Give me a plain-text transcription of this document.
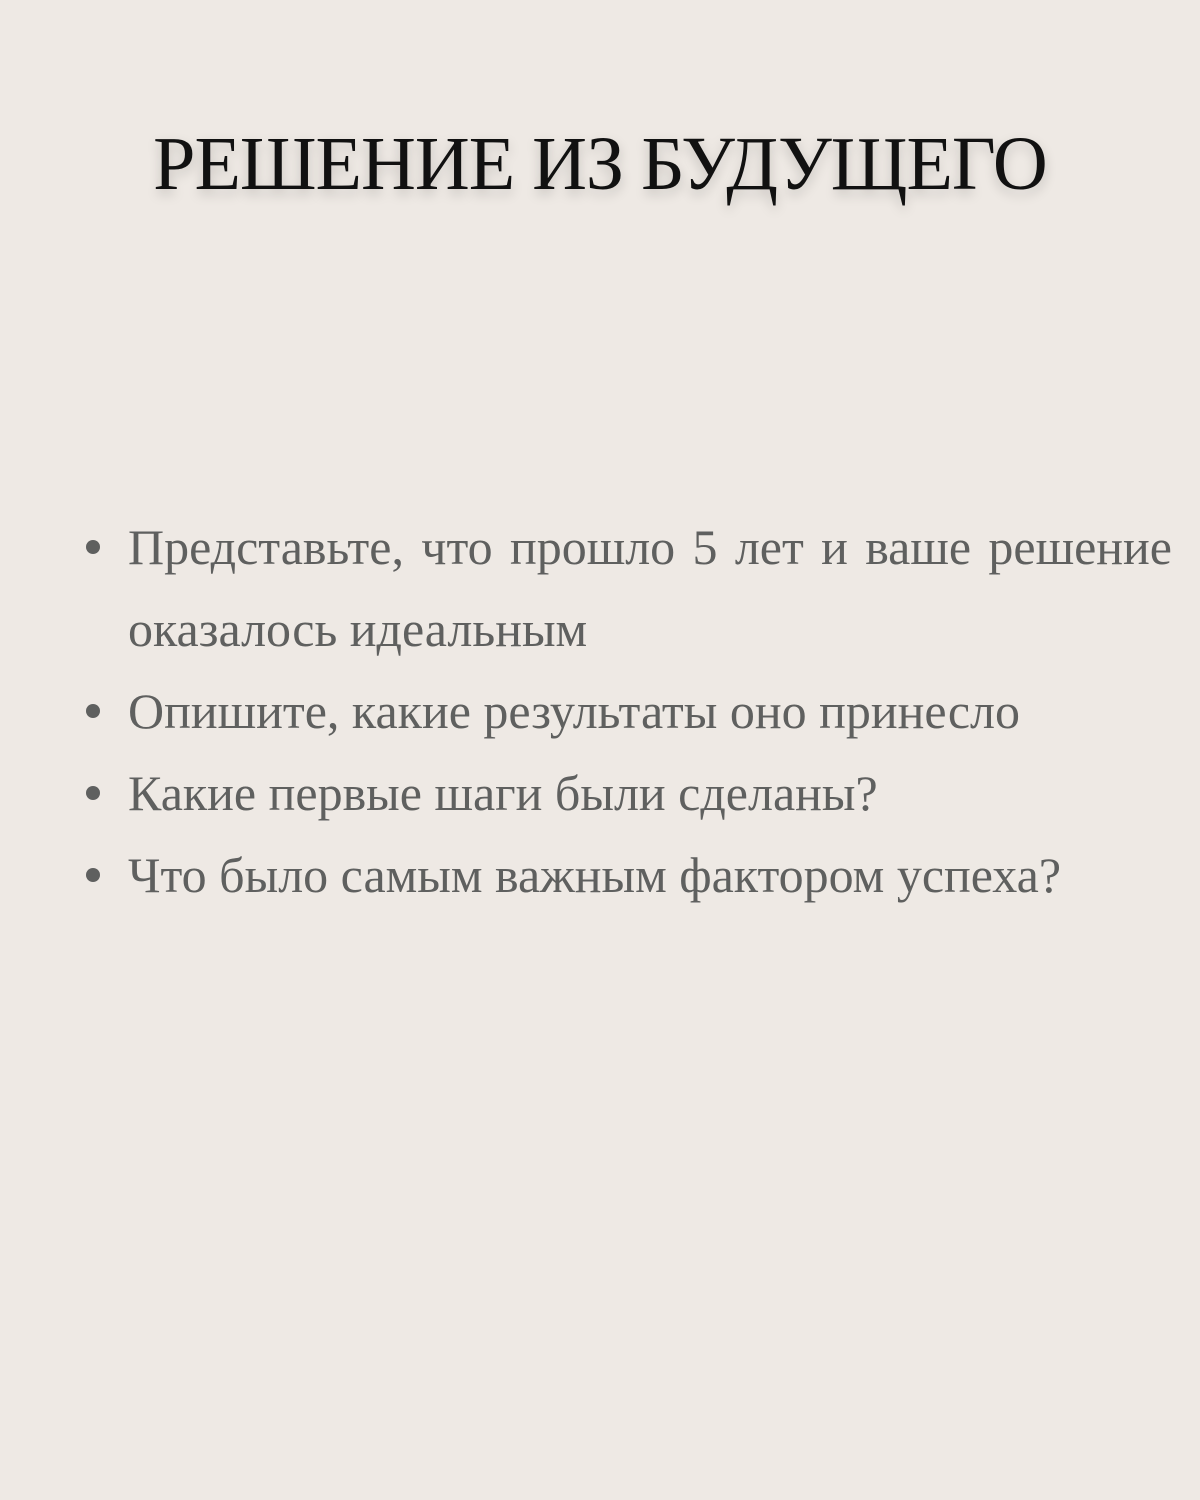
РЕШЕНИЕ ИЗ БУДУЩЕГО
Представьте, что прошло 5 лет и ваше решение оказалось идеальным
Опишите, какие результаты оно принесло
Какие первые шаги были сделаны?
Что было самым важным фактором успеха?
